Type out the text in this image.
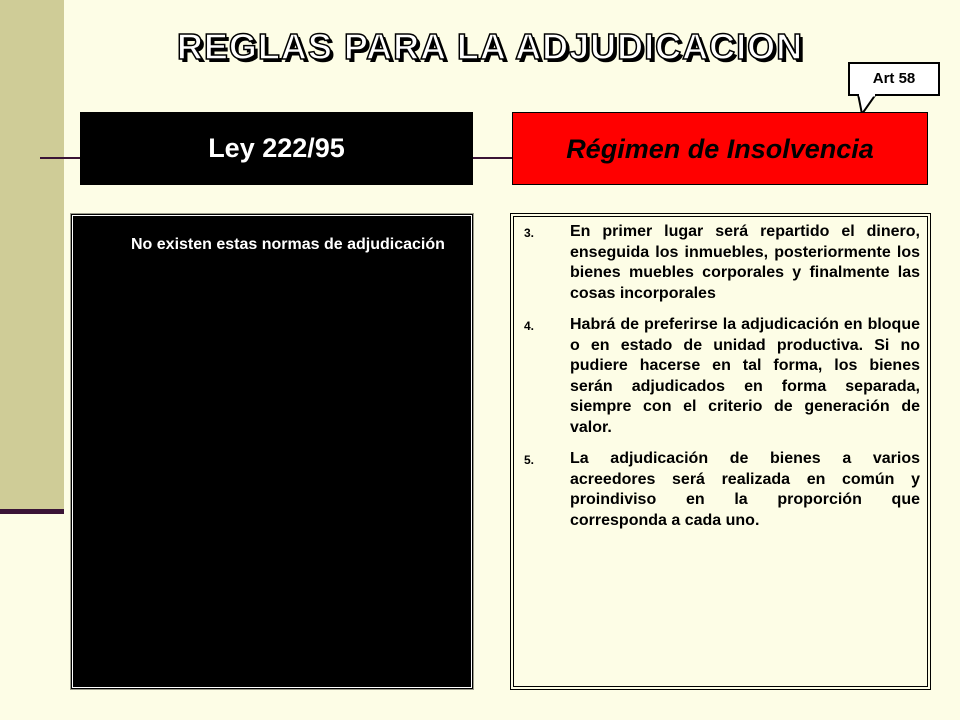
REGLAS PARA LA ADJUDICACION
Art 58
Ley 222/95	Régimen de Insolvencia
No existen estas normas de adjudicación
3.	En primer lugar será repartido el dinero, enseguida los inmuebles, posteriormente los bienes muebles corporales y finalmente las cosas incorporales
4.	Habrá de preferirse la adjudicación en bloque o en estado de unidad productiva. Si no pudiere hacerse en tal forma, los bienes serán adjudicados en forma separada, siempre con el criterio de generación de valor.
5.	La adjudicación de bienes a varios acreedores será realizada en común y proindiviso en la proporción que corresponda a cada uno.
